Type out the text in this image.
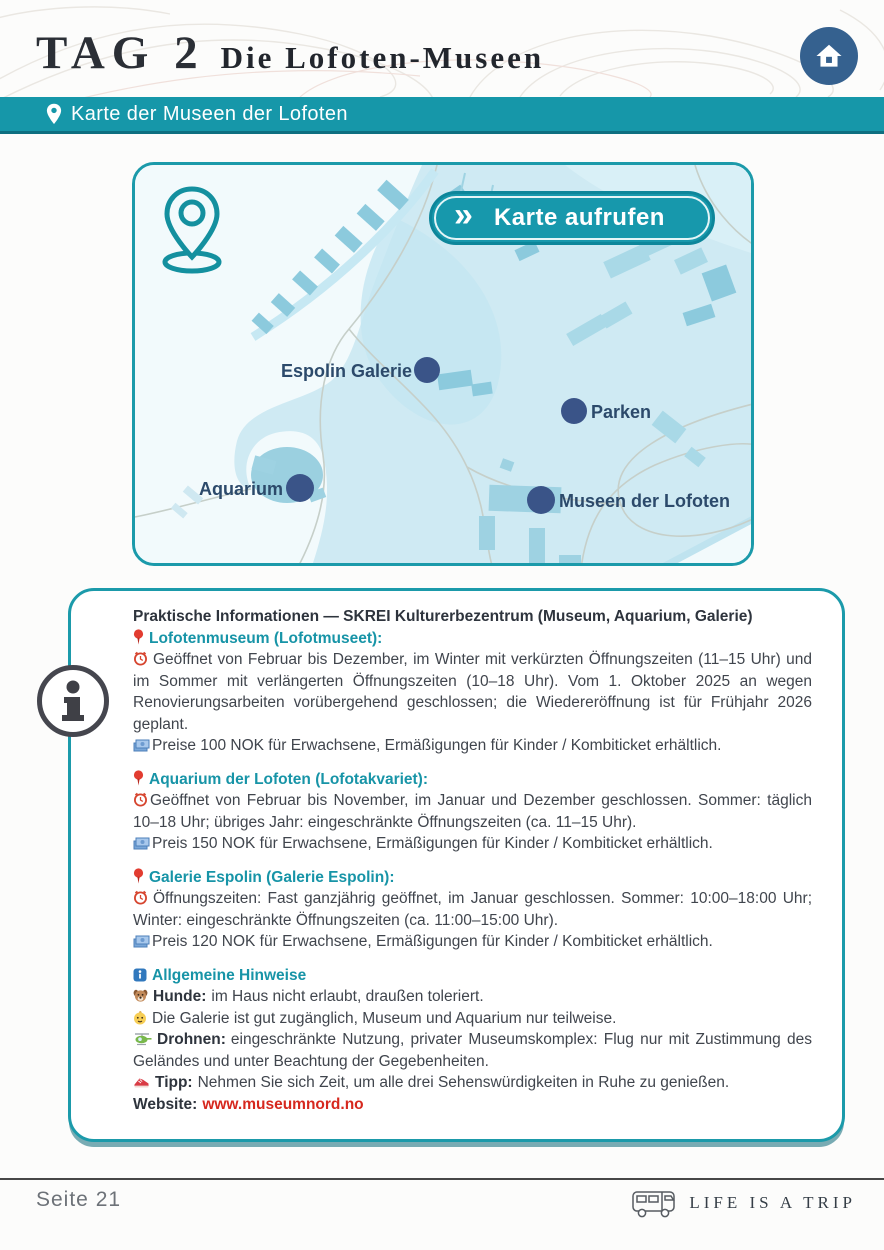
TAG 2 Die Lofoten-Museen
Karte der Museen der Lofoten
Espolin Galerie
Parken
Aquarium
Museen der Lofoten
» Karte aufrufen
Praktische Informationen — SKREI Kulturerbezentrum (Museum, Aquarium, Galerie)
Lofotenmuseum (Lofotmuseet):
Geöffnet von Februar bis Dezember, im Winter mit verkürzten Öffnungszeiten (11–15 Uhr) und im Sommer mit verlängerten Öffnungszeiten (10–18 Uhr). Vom 1. Oktober 2025 an wegen Renovierungsarbeiten vorübergehend geschlossen; die Wiedereröffnung ist für Frühjahr 2026 geplant.
Preise 100 NOK für Erwachsene, Ermäßigungen für Kinder / Kombiticket erhältlich.
Aquarium der Lofoten (Lofotakvariet):
Geöffnet von Februar bis November, im Januar und Dezember geschlossen. Sommer: täglich 10–18 Uhr; übriges Jahr: eingeschränkte Öffnungszeiten (ca. 11–15 Uhr).
Preis 150 NOK für Erwachsene, Ermäßigungen für Kinder / Kombiticket erhältlich.
Galerie Espolin (Galerie Espolin):
Öffnungszeiten: Fast ganzjährig geöffnet, im Januar geschlossen. Sommer: 10:00–18:00 Uhr; Winter: eingeschränkte Öffnungszeiten (ca. 11:00–15:00 Uhr).
Preis 120 NOK für Erwachsene, Ermäßigungen für Kinder / Kombiticket erhältlich.
Allgemeine Hinweise
Hunde: im Haus nicht erlaubt, draußen toleriert.
Die Galerie ist gut zugänglich, Museum und Aquarium nur teilweise.
Drohnen: eingeschränkte Nutzung, privater Museumskomplex: Flug nur mit Zustimmung des Geländes und unter Beachtung der Gegebenheiten.
Tipp: Nehmen Sie sich Zeit, um alle drei Sehenswürdigkeiten in Ruhe zu genießen.
Website: www.museumnord.no
Seite 21	LIFE IS A TRIP
